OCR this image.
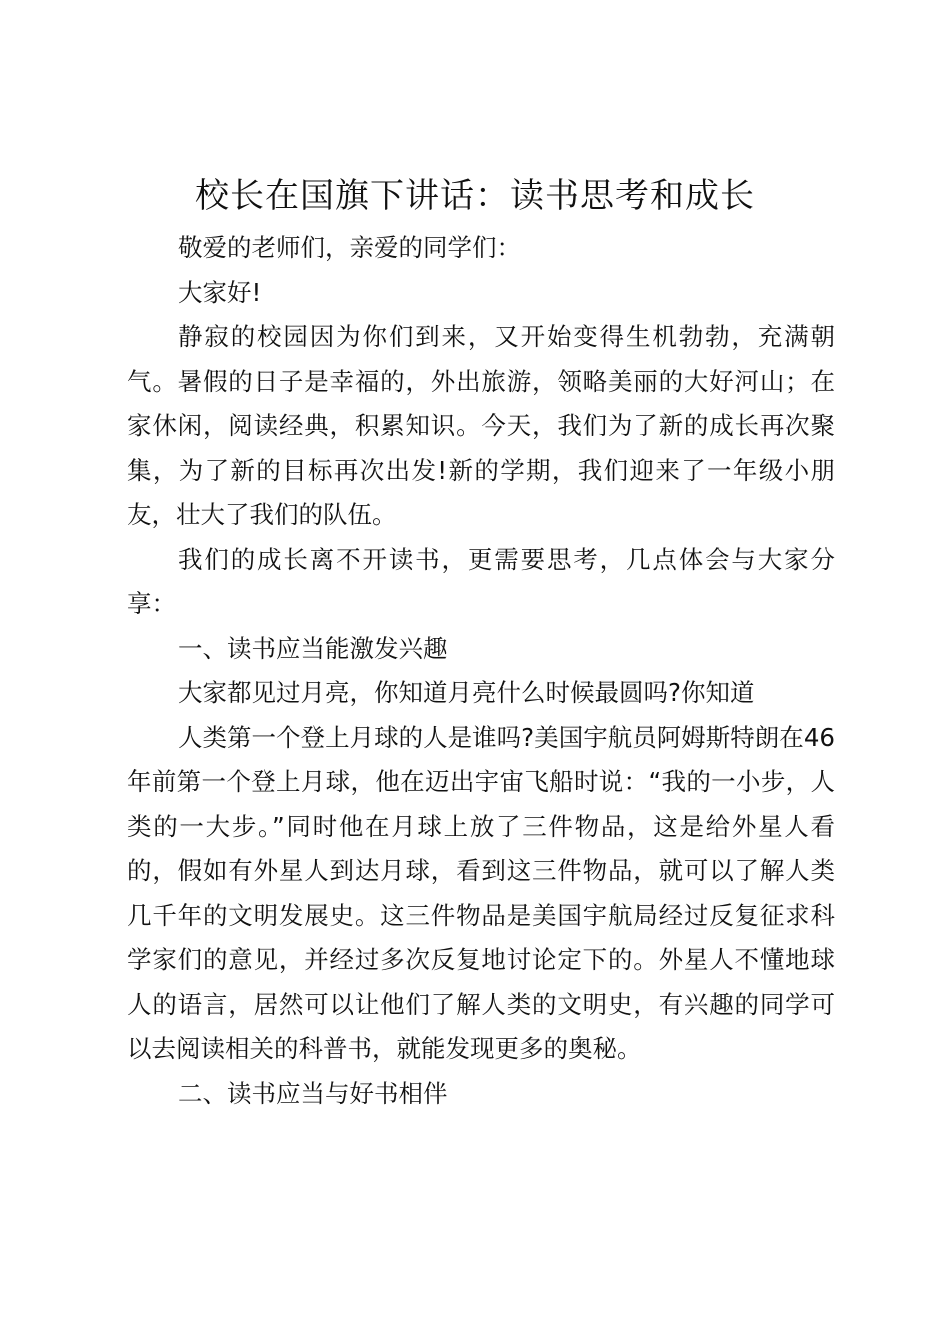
校长在国旗下讲话：读书思考和成长

敬爱的老师们，亲爱的同学们：

大家好!

静寂的校园因为你们到来，又开始变得生机勃勃，充满朝气。暑假的日子是幸福的，外出旅游，领略美丽的大好河山；在家休闲，阅读经典，积累知识。今天，我们为了新的成长再次聚集，为了新的目标再次出发!新的学期，我们迎来了一年级小朋友，壮大了我们的队伍。

我们的成长离不开读书，更需要思考，几点体会与大家分享：

一、读书应当能激发兴趣

大家都见过月亮，你知道月亮什么时候最圆吗?你知道

人类第一个登上月球的人是谁吗?美国宇航员阿姆斯特朗在46年前第一个登上月球，他在迈出宇宙飞船时说：“我的一小步，人类的一大步。”同时他在月球上放了三件物品，这是给外星人看的，假如有外星人到达月球，看到这三件物品，就可以了解人类几千年的文明发展史。这三件物品是美国宇航局经过反复征求科学家们的意见，并经过多次反复地讨论定下的。外星人不懂地球人的语言，居然可以让他们了解人类的文明史，有兴趣的同学可以去阅读相关的科普书，就能发现更多的奥秘。

二、读书应当与好书相伴
